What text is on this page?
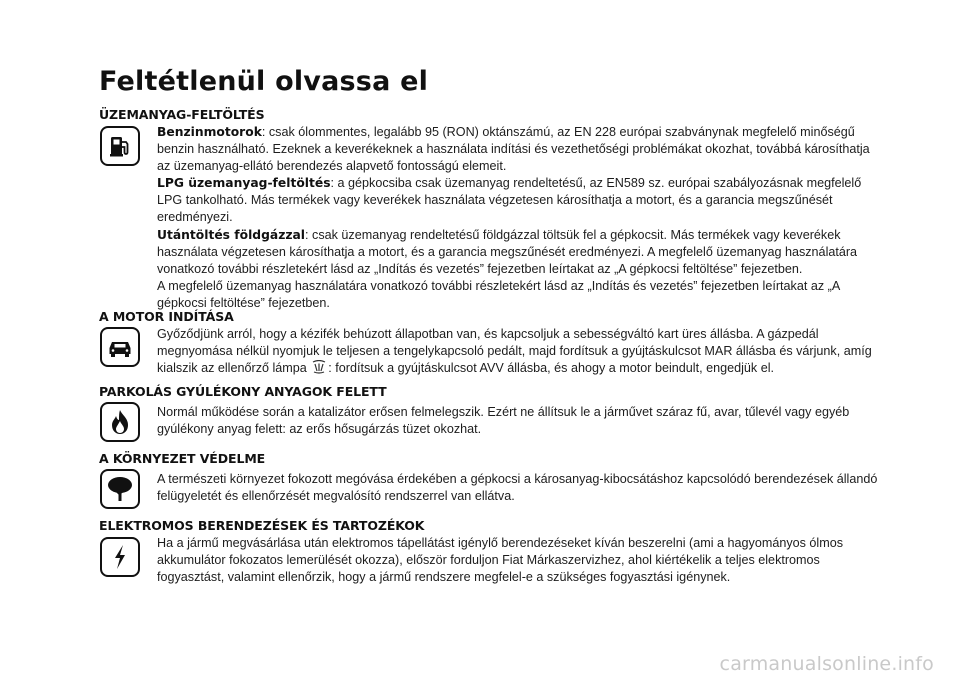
Feltétlenül olvassa el
ÜZEMANYAG-FELTÖLTÉS

Benzinmotorok: csak ólommentes, legalább 95 (RON) oktánszámú, az EN 228 európai szabványnak megfelelő minőségű benzin használható. Ezeknek a keverékeknek a használata indítási és vezethetőségi problémákat okozhat, továbbá károsíthatja az üzemanyag-ellátó berendezés alapvető fontosságú elemeit.

LPG üzemanyag-feltöltés: a gépkocsiba csak üzemanyag rendeltetésű, az EN589 sz. európai szabályozásnak megfelelő LPG tankolható. Más termékek vagy keverékek használata végzetesen károsíthatja a motort, és a garancia megszűnését eredményezi.

Utántöltés földgázzal: csak üzemanyag rendeltetésű földgázzal töltsük fel a gépkocsit. Más termékek vagy keverékek használata végzetesen károsíthatja a motort, és a garancia megszűnését eredményezi. A megfelelő üzemanyag használatára vonatkozó további részletekért lásd az „Indítás és vezetés” fejezetben leírtakat az „A gépkocsi feltöltése” fejezetben.

A megfelelő üzemanyag használatára vonatkozó további részletekért lásd az „Indítás és vezetés” fejezetben leírtakat az „A gépkocsi feltöltése” fejezetben.

A MOTOR INDÍTÁSA

Győződjünk arról, hogy a kézifék behúzott állapotban van, és kapcsoljuk a sebességváltó kart üres állásba. A gázpedál megnyomása nélkül nyomjuk le teljesen a tengelykapcsoló pedált, majd fordítsuk a gyújtáskulcsot MAR állásba és várjunk, amíg kialszik az ellenőrző lámpa : fordítsuk a gyújtáskulcsot AVV állásba, és ahogy a motor beindult, engedjük el.

PARKOLÁS GYÚLÉKONY ANYAGOK FELETT

Normál működése során a katalizátor erősen felmelegszik. Ezért ne állítsuk le a járművet száraz fű, avar, tűlevél vagy egyéb gyúlékony anyag felett: az erős hősugárzás tüzet okozhat.

A KÖRNYEZET VÉDELME

A természeti környezet fokozott megóvása érdekében a gépkocsi a károsanyag-kibocsátáshoz kapcsolódó berendezések állandó felügyeletét és ellenőrzését megvalósító rendszerrel van ellátva.

ELEKTROMOS BERENDEZÉSEK ÉS TARTOZÉKOK

Ha a jármű megvásárlása után elektromos tápellátást igénylő berendezéseket kíván beszerelni (ami a hagyományos ólmos akkumulátor fokozatos lemerülését okozza), először forduljon Fiat Márkaszervizhez, ahol kiértékelik a teljes elektromos fogyasztást, valamint ellenőrzik, hogy a jármű rendszere megfelel-e a szükséges fogyasztási igénynek.

carmanualsonline.info
